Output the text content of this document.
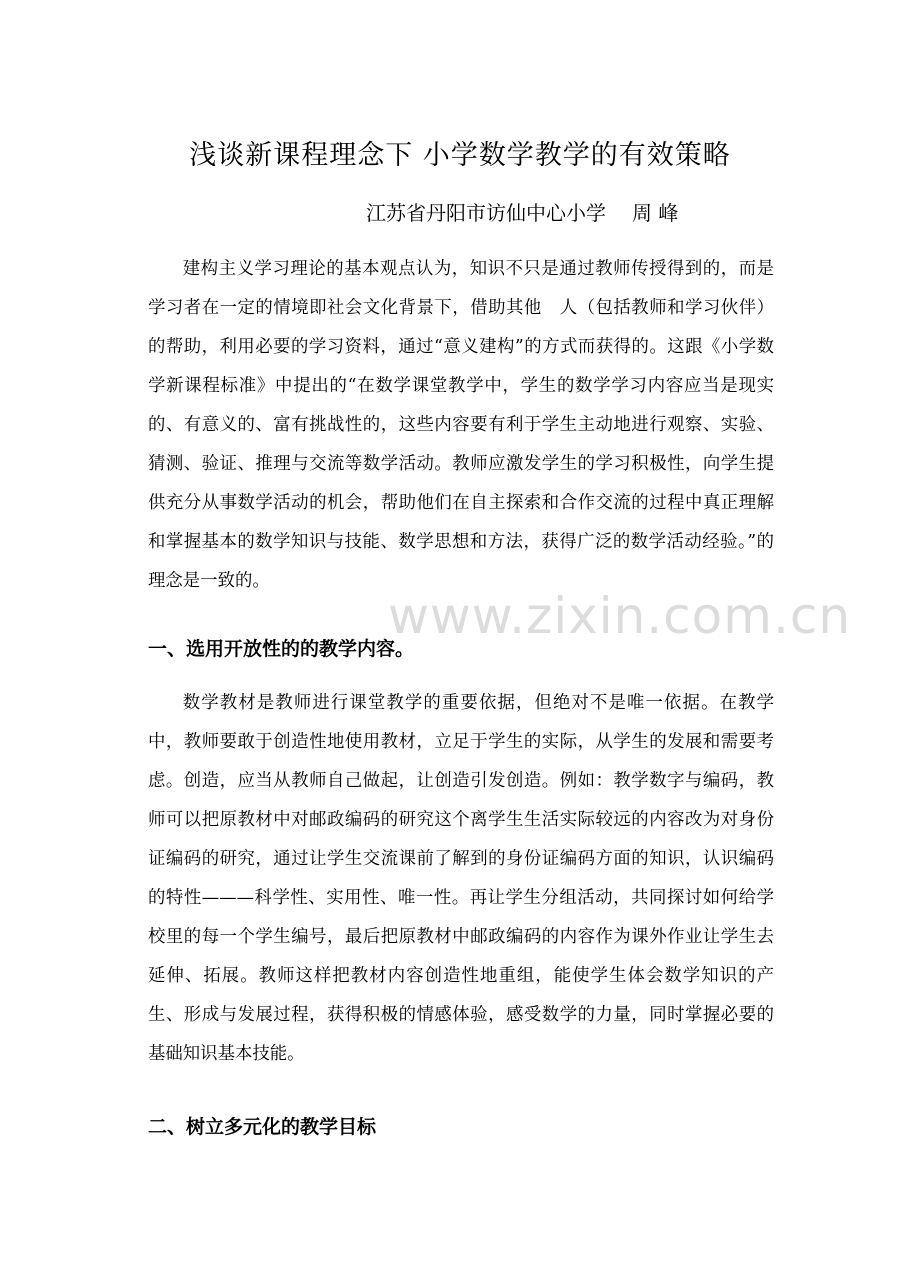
浅谈新课程理念下 小学数学教学的有效策略
江苏省丹阳市访仙中心小学 周 峰

建构主义学习理论的基本观点认为，知识不只是通过教师传授得到的，而是学习者在一定的情境即社会文化背景下，借助其他　人（包括教师和学习伙伴）的帮助，利用必要的学习资料，通过“意义建构”的方式而获得的。这跟《小学数学新课程标准》中提出的“在数学课堂教学中，学生的数学学习内容应当是现实的、有意义的、富有挑战性的，这些内容要有利于学生主动地进行观察、实验、猜测、验证、推理与交流等数学活动。教师应激发学生的学习积极性，向学生提供充分从事数学活动的机会，帮助他们在自主探索和合作交流的过程中真正理解和掌握基本的数学知识与技能、数学思想和方法，获得广泛的数学活动经验。”的理念是一致的。

www.zixin.com.cn
一、选用开放性的的教学内容。

数学教材是教师进行课堂教学的重要依据，但绝对不是唯一依据。在教学中，教师要敢于创造性地使用教材，立足于学生的实际，从学生的发展和需要考虑。创造，应当从教师自己做起，让创造引发创造。例如：教学数字与编码，教师可以把原教材中对邮政编码的研究这个离学生生活实际较远的内容改为对身份证编码的研究，通过让学生交流课前了解到的身份证编码方面的知识，认识编码的特性———科学性、实用性、唯一性。再让学生分组活动，共同探讨如何给学校里的每一个学生编号，最后把原教材中邮政编码的内容作为课外作业让学生去延伸、拓展。教师这样把教材内容创造性地重组，能使学生体会数学知识的产生、形成与发展过程，获得积极的情感体验，感受数学的力量，同时掌握必要的基础知识基本技能。

二、树立多元化的教学目标
